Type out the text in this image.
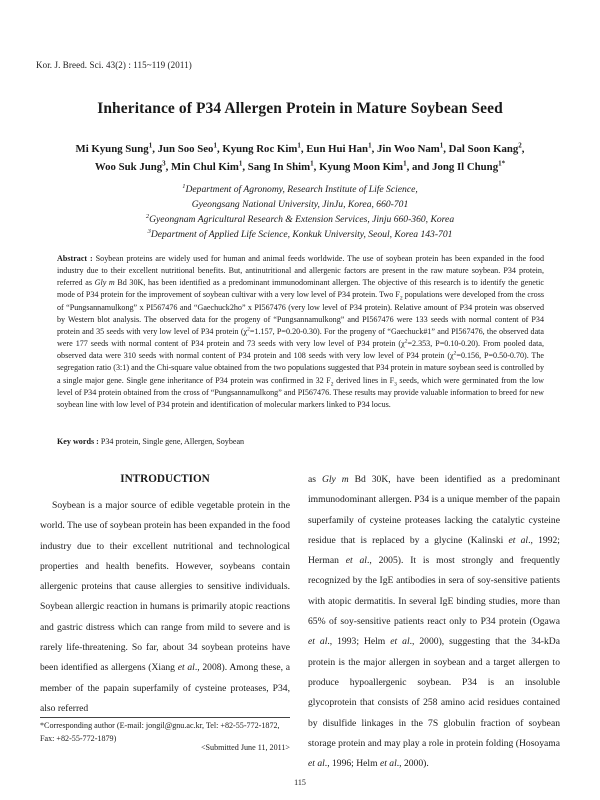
Kor. J. Breed. Sci. 43(2) : 115~119 (2011)
Inheritance of P34 Allergen Protein in Mature Soybean Seed
Mi Kyung Sung$^1$, Jun Soo Seo$^1$, Kyung Roc Kim$^1$, Eun Hui Han$^1$, Jin Woo Nam$^1$, Dal Soon Kang$^2$,
Woo Suk Jung$^3$, Min Chul Kim$^1$, Sang In Shim$^1$, Kyung Moon Kim$^1$, and Jong Il Chung$^{1*}$
$^1$Department of Agronomy, Research Institute of Life Science,
Gyeongsang National University, JinJu, Korea, 660-701
$^2$Gyeongnam Agricultural Research & Extension Services, Jinju 660-360, Korea
$^3$Department of Applied Life Science, Konkuk University, Seoul, Korea 143-701
Abstract : Soybean proteins are widely used for human and animal feeds worldwide. The use of soybean protein has been expanded in the food industry due to their excellent nutritional benefits. But, antinutritional and allergenic factors are present in the raw mature soybean. P34 protein, referred as Gly m Bd 30K, has been identified as a predominant immunodominant allergen. The objective of this research is to identify the genetic mode of P34 protein for the improvement of soybean cultivar with a very low level of P34 protein. Two $F_2$ populations were developed from the cross of “Pungsannamulkong” x PI567476 and “Gaechuck2ho” x PI567476 (very low level of P34 protein). Relative amount of P34 protein was observed by Western blot analysis. The observed data for the progeny of “Pungsannamulkong” and PI567476 were 133 seeds with normal content of P34 protein and 35 seeds with very low level of P34 protein ($\chi^2=1.157$, P=0.20-0.30). For the progeny of “Gaechuck#1” and PI567476, the observed data were 177 seeds with normal content of P34 protein and 73 seeds with very low level of P34 protein ($\chi^2=2.353$, P=0.10-0.20). From pooled data, observed data were 310 seeds with normal content of P34 protein and 108 seeds with very low level of P34 protein ($\chi^2=0.156$, P=0.50-0.70). The segregation ratio (3:1) and the Chi-square value obtained from the two populations suggested that P34 protein in mature soybean seed is controlled by a single major gene. Single gene inheritance of P34 protein was confirmed in 32 $F_2$ derived lines in $F_3$ seeds, which were germinated from the low level of P34 protein obtained from the cross of “Pungsannamulkong” and PI567476. These results may provide valuable information to breed for new soybean line with low level of P34 protein and identification of molecular markers linked to P34 locus.
Key words : P34 protein, Single gene, Allergen, Soybean
INTRODUCTION

Soybean is a major source of edible vegetable protein in the world. The use of soybean protein has been expanded in the food industry due to their excellent nutritional and technological properties and health benefits. However, soybeans contain allergenic proteins that cause allergies to sensitive individuals. Soybean allergic reaction in humans is primarily atopic reactions and gastric distress which can range from mild to severe and is rarely life-threatening. So far, about 34 soybean proteins have been identified as allergens (Xiang et al., 2008). Among these, a member of the papain superfamily of cysteine proteases, P34, also referred

as Gly m Bd 30K, have been identified as a predominant immunodominant allergen. P34 is a unique member of the papain superfamily of cysteine proteases lacking the catalytic cysteine residue that is replaced by a glycine (Kalinski et al., 1992; Herman et al., 2005). It is most strongly and frequently recognized by the IgE antibodies in sera of soy-sensitive patients with atopic dermatitis. In several IgE binding studies, more than 65% of soy-sensitive patients react only to P34 protein (Ogawa et al., 1993; Helm et al., 2000), suggesting that the 34-kDa protein is the major allergen in soybean and a target allergen to produce hypoallergenic soybean. P34 is an insoluble glycoprotein that consists of 258 amino acid residues contained by disulfide linkages in the 7S globulin fraction of soybean storage protein and may play a role in protein folding (Hosoyama et al., 1996; Helm et al., 2000).

*Corresponding author (E-mail: jongil@gnu.ac.kr, Tel: +82-55-772-1872, Fax: +82-55-772-1879)
<Submitted June 11, 2011>
115
